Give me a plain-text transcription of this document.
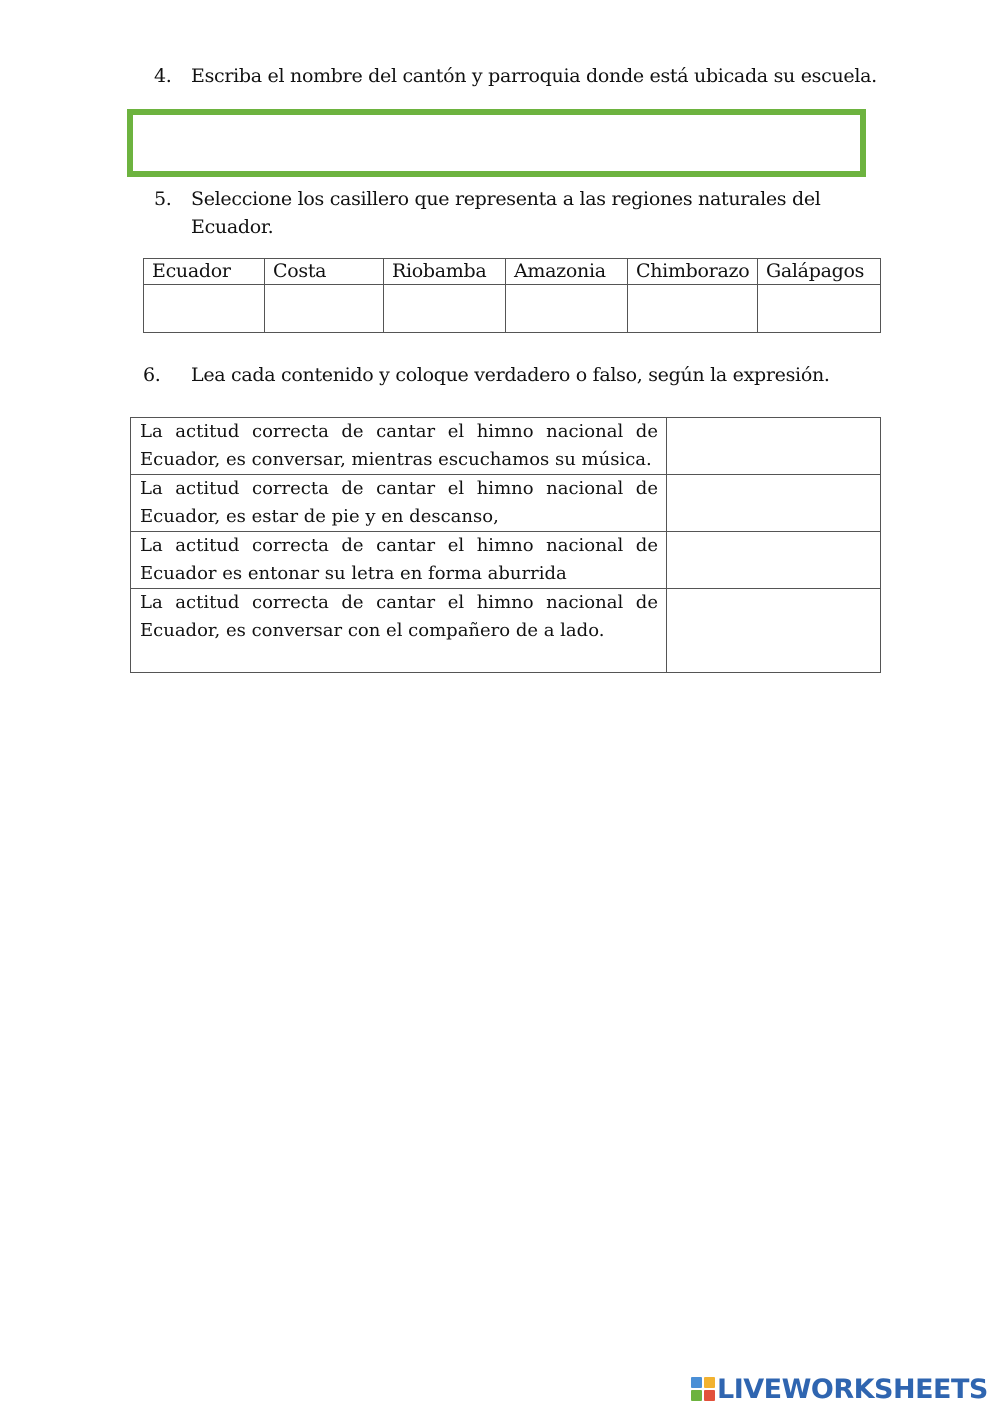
4. Escriba el nombre del cantón y parroquia donde está ubicada su escuela.
5. Seleccione los casillero que representa a las regiones naturales del
Ecuador.
Ecuador	Costa	Riobamba	Amazonia	Chimborazo	Galápagos

6. Lea cada contenido y coloque verdadero o falso, según la expresión.
La actitud correcta de cantar el himno nacional de Ecuador, es conversar, mientras escuchamos su música.	
La actitud correcta de cantar el himno nacional de Ecuador, es estar de pie y en descanso,	
La actitud correcta de cantar el himno nacional de Ecuador es entonar su letra en forma aburrida	
La actitud correcta de cantar el himno nacional de Ecuador, es conversar con el compañero de a lado.	
LIVEWORKSHEETS
